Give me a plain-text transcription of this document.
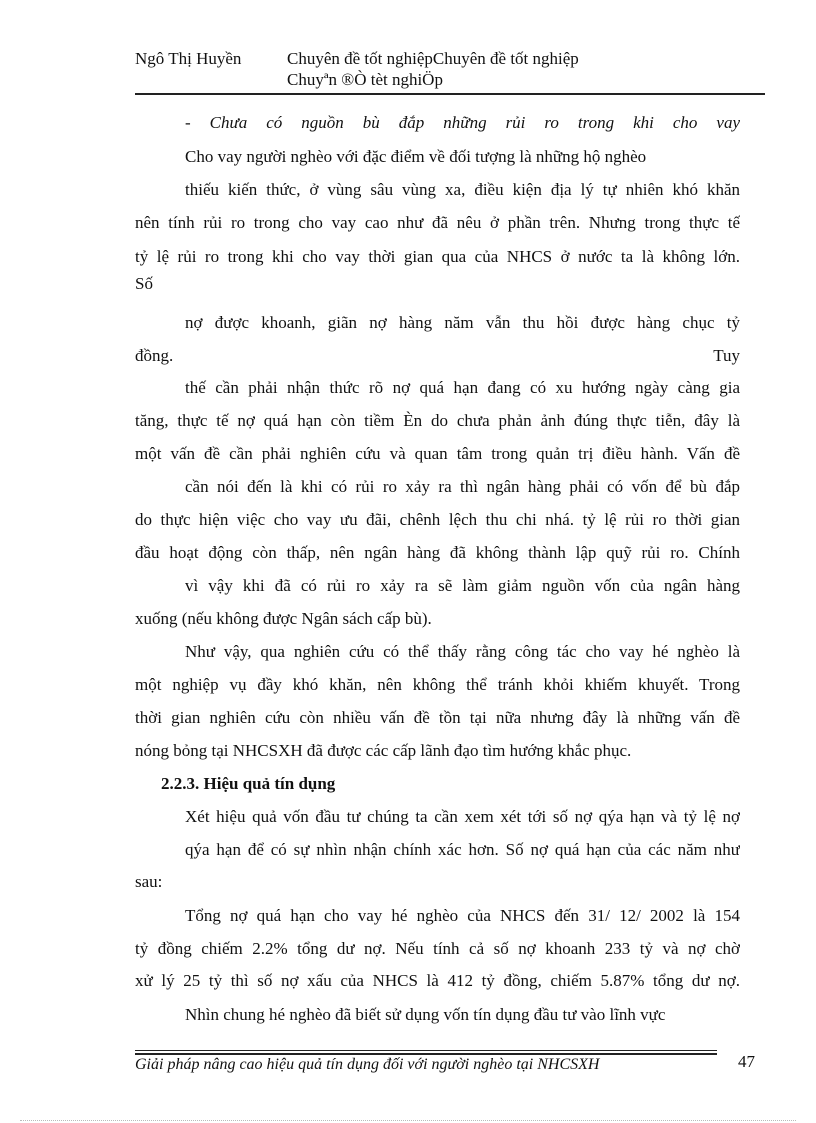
Ngô Thị Huyền	Chuyên đề tốt nghiệpChuyên đề tốt nghiệp
Chuyªn ®Ò tèt nghiÖp
- Chưa có nguồn bù đắp những rủi ro trong khi cho vay
Cho vay người nghèo với đặc điểm về đối tượng là những hộ nghèo
thiếu kiến thức, ở vùng sâu vùng xa, điều kiện địa lý tự nhiên khó khăn
nên tính rủi ro trong cho vay cao như đã nêu ở phần trên. Nhưng trong thực tế
tỷ lệ rủi ro trong khi cho vay thời gian qua của NHCS ở nước ta là không lớn.
Số
nợ được khoanh, giãn nợ hàng năm vẫn thu hồi được hàng chục tỷ
đồng.	Tuy
thế cần phải nhận thức rõ nợ quá hạn đang có xu hướng ngày càng gia
tăng, thực tế nợ quá hạn còn tiềm Èn do chưa phản ảnh đúng thực tiễn, đây là
một vấn đề cần phải nghiên cứu và quan tâm trong quản trị điều hành. Vấn đề
cần nói đến là khi có rủi ro xảy ra thì ngân hàng phải có vốn để bù đắp
do thực hiện việc cho vay ưu đãi, chênh lệch thu chi nhá. tỷ lệ rủi ro thời gian
đầu hoạt động còn thấp, nên ngân hàng đã không thành lập quỹ rủi ro. Chính
vì vậy khi đã có rủi ro xảy ra sẽ làm giảm nguồn vốn của ngân hàng
xuống (nếu không được Ngân sách cấp bù).
Như vậy, qua nghiên cứu có thể thấy rằng công tác cho vay hé nghèo là
một nghiệp vụ đầy khó khăn, nên không thể tránh khỏi khiếm khuyết. Trong
thời gian nghiên cứu còn nhiều vấn đề tồn tại nữa nhưng đây là những vấn đề
nóng bỏng tại NHCSXH đã được các cấp lãnh đạo tìm hướng khắc phục.
2.2.3. Hiệu quả tín dụng
Xét hiệu quả vốn đầu tư chúng ta cần xem xét tới số nợ qýa hạn và tỷ lệ nợ
qýa hạn để có sự nhìn nhận chính xác hơn. Số nợ quá hạn của các năm như
sau:
Tổng nợ quá hạn cho vay hé nghèo của NHCS đến 31/ 12/ 2002 là 154
tỷ đồng chiếm 2.2% tổng dư nợ. Nếu tính cả số nợ khoanh 233 tỷ và nợ chờ
xử lý 25 tỷ thì số nợ xấu của NHCS là 412 tỷ đồng, chiếm 5.87% tổng dư nợ.
Nhìn chung hé nghèo đã biết sử dụng vốn tín dụng đầu tư vào lĩnh vực
Giải pháp nâng cao hiệu quả tín dụng đối với người nghèo tại NHCSXH	47
